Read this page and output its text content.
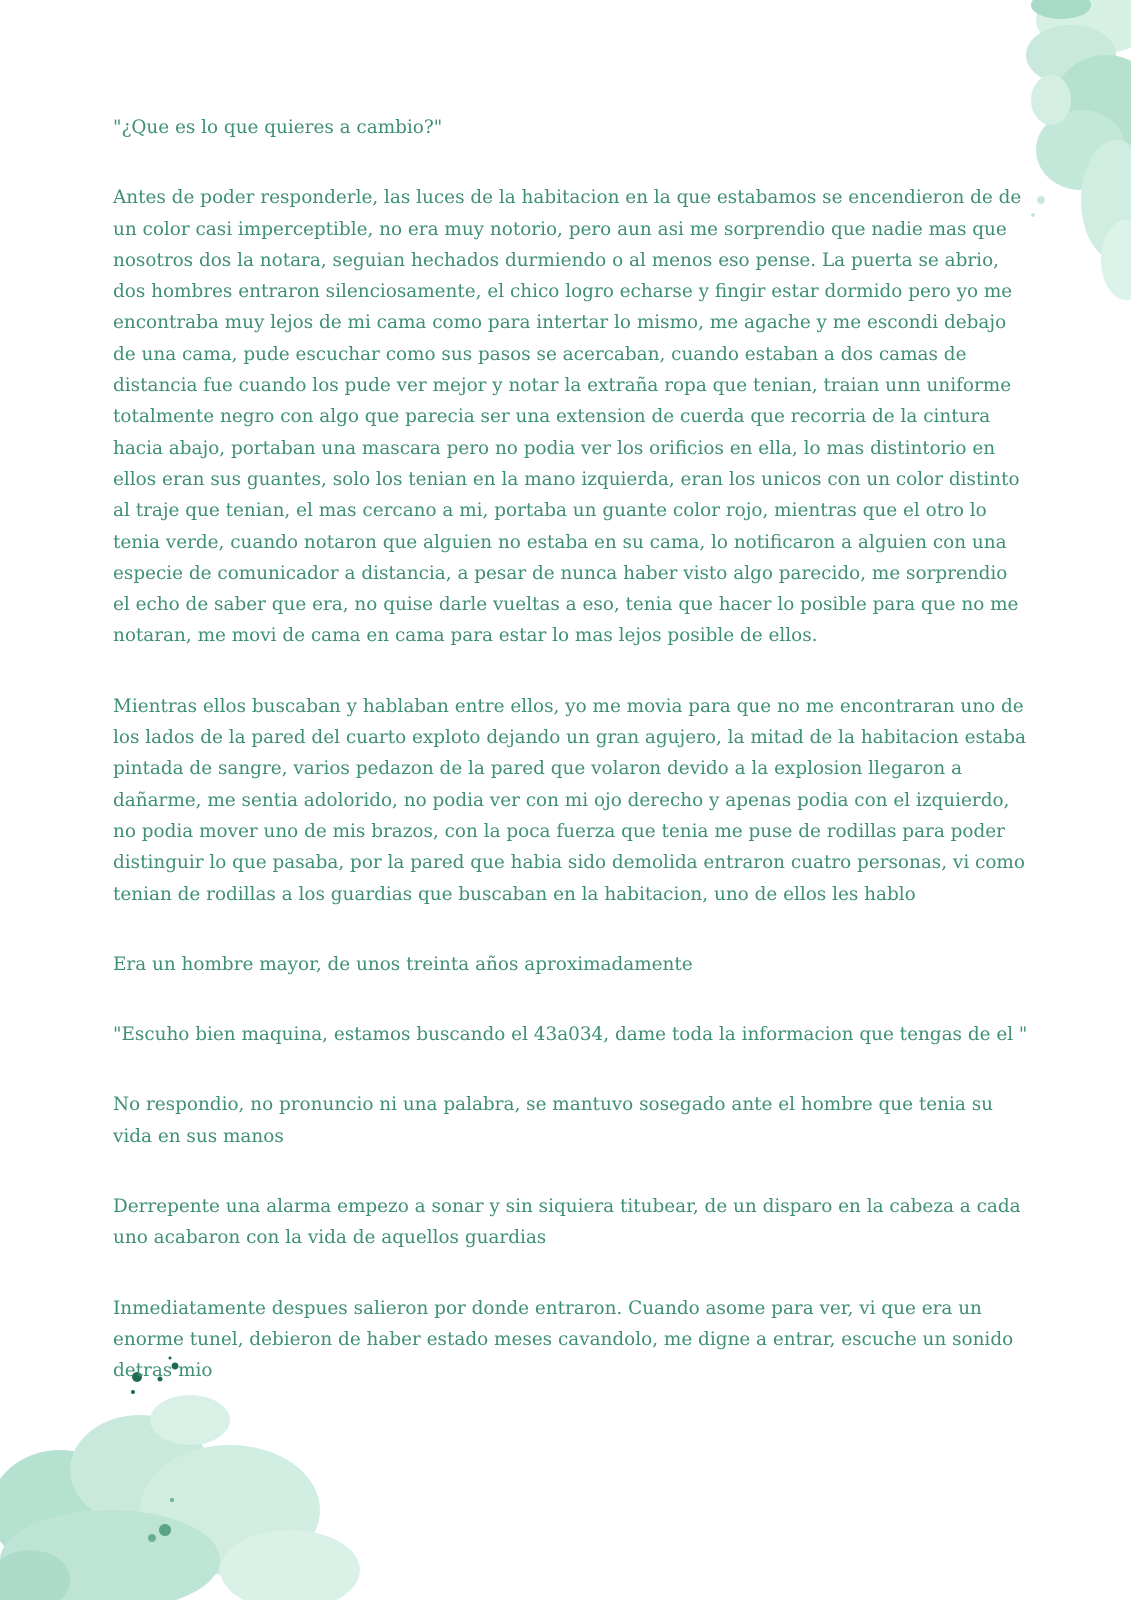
"¿Que es lo que quieres a cambio?"

Antes de poder responderle, las luces de la habitacion en la que estabamos se encendieron de de un color casi imperceptible, no era muy notorio, pero aun asi me sorprendio que nadie mas que nosotros dos la notara, seguian hechados durmiendo o al menos eso pense. La puerta se abrio, dos hombres entraron silenciosamente, el chico logro echarse y fingir estar dormido pero yo me encontraba muy lejos de mi cama como para intertar lo mismo, me agache y me escondi debajo de una cama, pude escuchar como sus pasos se acercaban, cuando estaban a dos camas de distancia fue cuando los pude ver mejor y notar la extraña ropa que tenian, traian unn uniforme totalmente negro con algo que parecia ser una extension de cuerda que recorria de la cintura hacia abajo, portaban una mascara pero no podia ver los orificios en ella, lo mas distintorio en ellos eran sus guantes, solo los tenian en la mano izquierda, eran los unicos con un color distinto al traje que tenian, el mas cercano a mi, portaba un guante color rojo, mientras que el otro lo tenia verde, cuando notaron que alguien no estaba en su cama, lo notificaron a alguien con una especie de comunicador a distancia, a pesar de nunca haber visto algo parecido, me sorprendio el echo de saber que era, no quise darle vueltas a eso, tenia que hacer lo posible para que no me notaran, me movi de cama en cama para estar lo mas lejos posible de ellos.

Mientras ellos buscaban y hablaban entre ellos, yo me movia para que no me encontraran uno de los lados de la pared del cuarto exploto dejando un gran agujero, la mitad de la habitacion estaba pintada de sangre, varios pedazon de la pared que volaron devido a la explosion llegaron a dañarme, me sentia adolorido, no podia ver con mi ojo derecho y apenas podia con el izquierdo, no podia mover uno de mis brazos, con la poca fuerza que tenia me puse de rodillas para poder distinguir lo que pasaba, por la pared que habia sido demolida entraron cuatro personas, vi como tenian de rodillas a los guardias que buscaban en la habitacion, uno de ellos les hablo

Era un hombre mayor, de unos treinta años aproximadamente

"Escuho bien maquina, estamos buscando el 43a034, dame toda la informacion que tengas de el "

No respondio, no pronuncio ni una palabra, se mantuvo sosegado ante el hombre que tenia su vida en sus manos

Derrepente una alarma empezo a sonar y sin siquiera titubear, de un disparo en la cabeza a cada uno acabaron con la vida de aquellos guardias

Inmediatamente despues salieron por donde entraron. Cuando asome para ver, vi que era un enorme tunel, debieron de haber estado meses cavandolo, me digne a entrar, escuche un sonido detras mio
